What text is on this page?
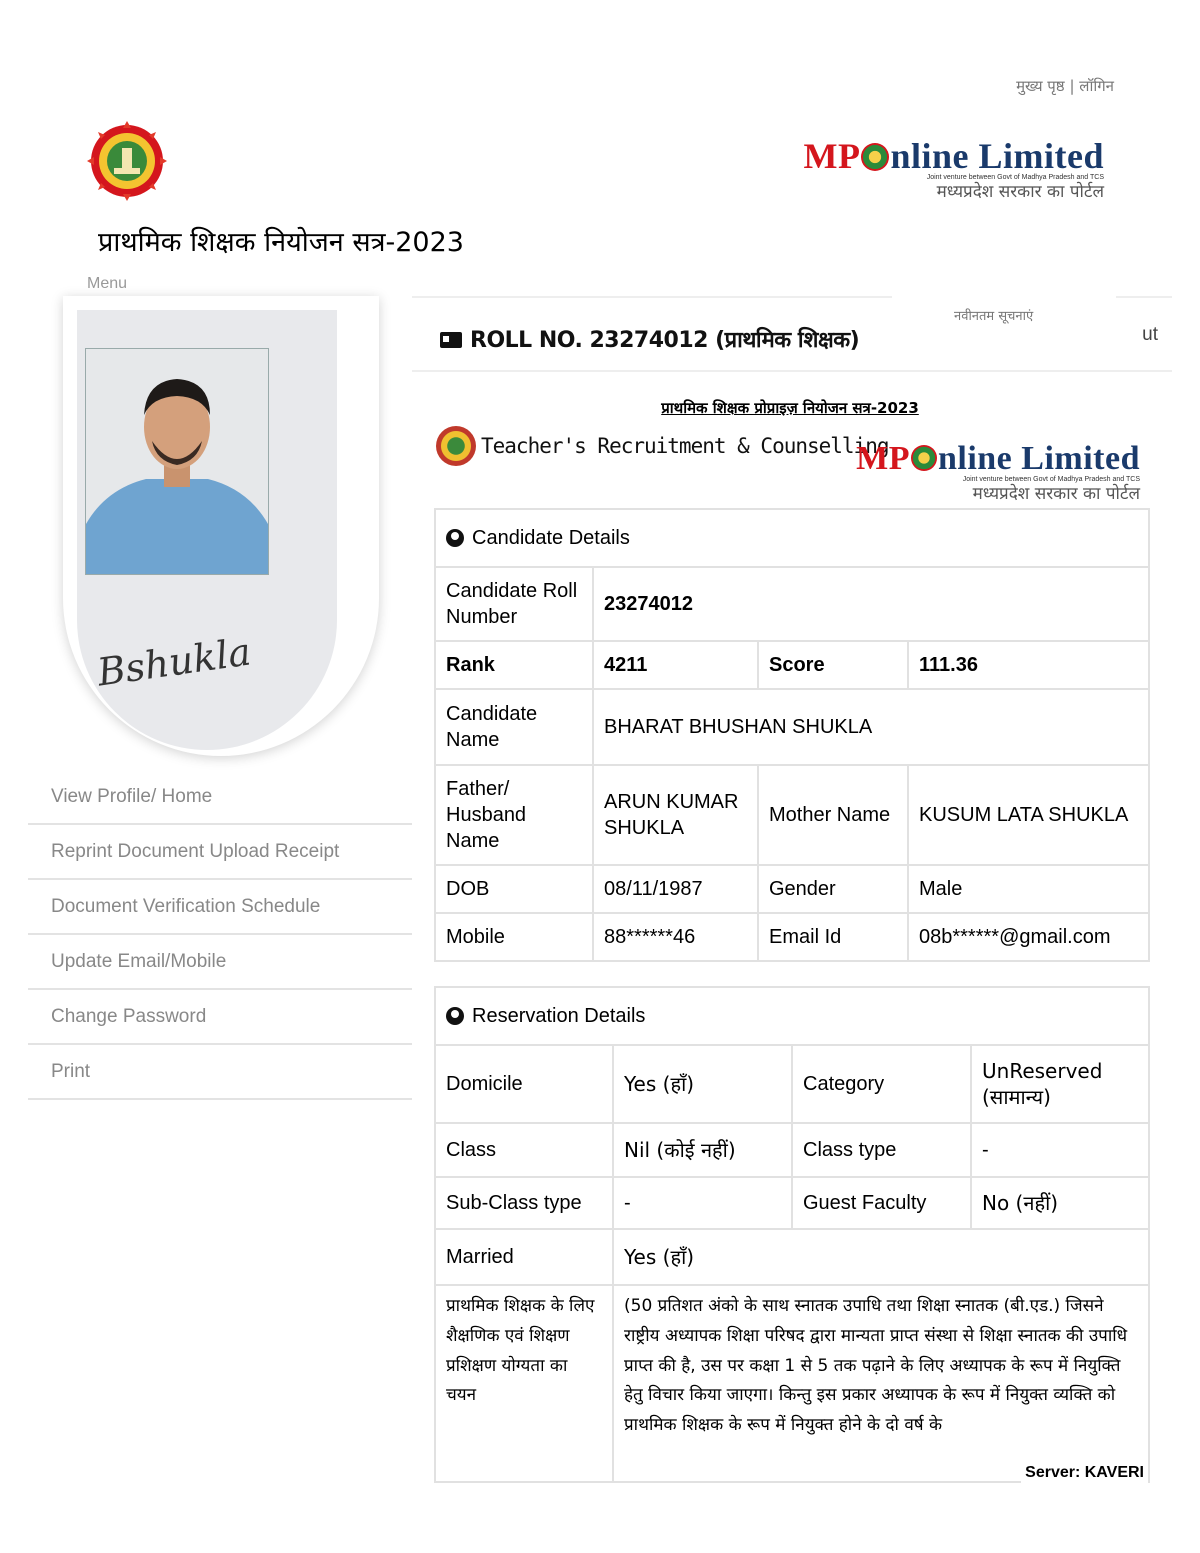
मुख्य पृष्ठ | लॉगिन
MP nline Limited
Joint venture between Govt of Madhya Pradesh and TCS
मध्यप्रदेश सरकार का पोर्टल
प्राथमिक शिक्षक नियोजन सत्र-2023
Menu
Bshukla
View Profile/ Home
Reprint Document Upload Receipt
Document Verification Schedule
Update Email/Mobile
Change Password
Print
ROLL NO. 23274012 (प्राथमिक शिक्षक)
नवीनतम सूचनाएं
ut
प्राथमिक शिक्षक प्रोप्राइज़ नियोजन सत्र-2023
Teacher's Recruitment & Counselling
MP nline Limited
Joint venture between Govt of Madhya Pradesh and TCS
मध्यप्रदेश सरकार का पोर्टल
Candidate Details			
Candidate Roll Number	23274012		
Rank	4211	Score	111.36
Candidate Name	BHARAT BHUSHAN SHUKLA		
Father/ Husband Name	ARUN KUMAR SHUKLA	Mother Name	KUSUM LATA SHUKLA
DOB	08/11/1987	Gender	Male
Mobile	88******46	Email Id	08b******@gmail.com
Reservation Details			
Domicile	Yes (हाँ)	Category	UnReserved (सामान्य)
Class	Nil (कोई नहीं)	Class type	-
Sub-Class type	-	Guest Faculty	No (नहीं)
Married	Yes (हाँ)		
प्राथमिक शिक्षक के लिए शैक्षणिक एवं शिक्षण प्रशिक्षण योग्यता का चयन	(50 प्रतिशत अंको के साथ स्नातक उपाधि तथा शिक्षा स्नातक (बी.एड.) जिसने राष्ट्रीय अध्यापक शिक्षा परिषद द्वारा मान्यता प्राप्त संस्था से शिक्षा स्नातक की उपाधि प्राप्त की है, उस पर कक्षा 1 से 5 तक पढ़ाने के लिए अध्यापक के रूप में नियुक्ति हेतु विचार किया जाएगा। किन्तु इस प्रकार अध्यापक के रूप में नियुक्त व्यक्ति को प्राथमिक शिक्षक के रूप में नियुक्त होने के दो वर्ष के		
Server: KAVERI
